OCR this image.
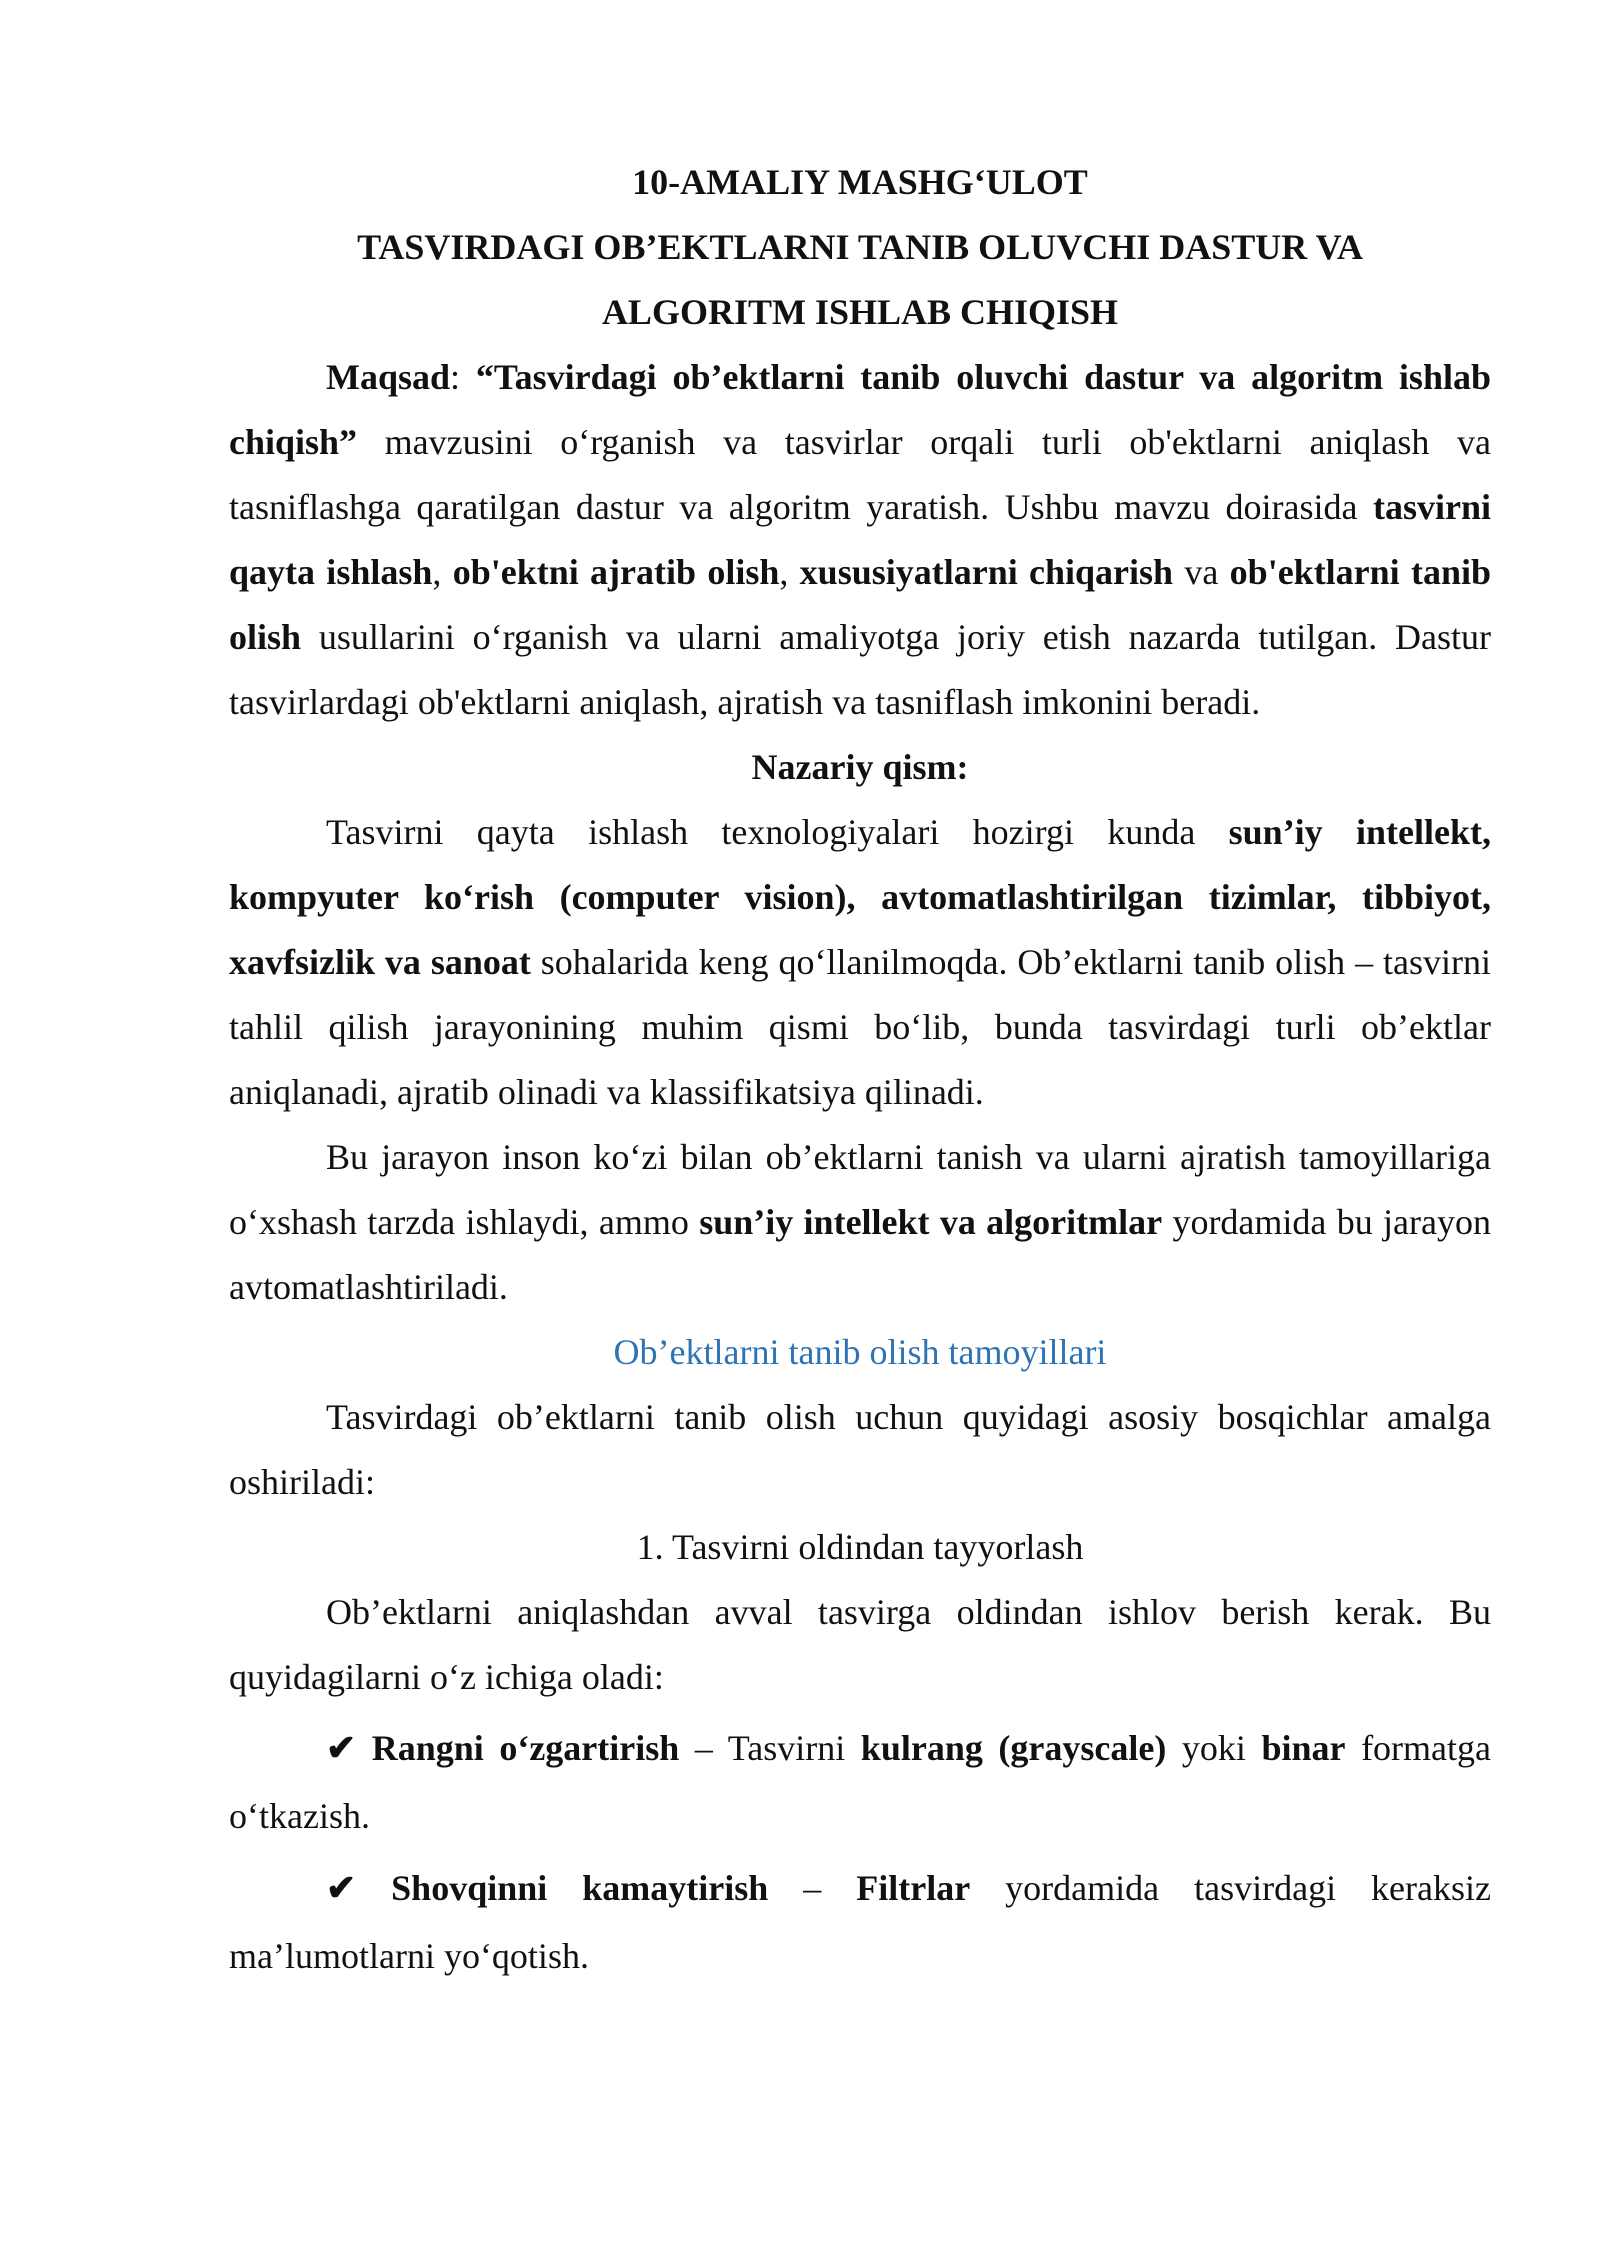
10-AMALIY MASHG‘ULOT
TASVIRDAGI OB’EKTLARNI TANIB OLUVCHI DASTUR VA
ALGORITM ISHLAB CHIQISH

Maqsad: “Tasvirdagi ob’ektlarni tanib oluvchi dastur va algoritm ishlab chiqish” mavzusini o‘rganish va tasvirlar orqali turli ob'ektlarni aniqlash va tasniflashga qaratilgan dastur va algoritm yaratish. Ushbu mavzu doirasida tasvirni qayta ishlash, ob'ektni ajratib olish, xususiyatlarni chiqarish va ob'ektlarni tanib olish usullarini o‘rganish va ularni amaliyotga joriy etish nazarda tutilgan. Dastur tasvirlardagi ob'ektlarni aniqlash, ajratish va tasniflash imkonini beradi.

Nazariy qism:

Tasvirni qayta ishlash texnologiyalari hozirgi kunda sun’iy intellekt, kompyuter ko‘rish (computer vision), avtomatlashtirilgan tizimlar, tibbiyot, xavfsizlik va sanoat sohalarida keng qo‘llanilmoqda. Ob’ektlarni tanib olish – tasvirni tahlil qilish jarayonining muhim qismi bo‘lib, bunda tasvirdagi turli ob’ektlar aniqlanadi, ajratib olinadi va klassifikatsiya qilinadi.

Bu jarayon inson ko‘zi bilan ob’ektlarni tanish va ularni ajratish tamoyillariga o‘xshash tarzda ishlaydi, ammo sun’iy intellekt va algoritmlar yordamida bu jarayon avtomatlashtiriladi.

Ob’ektlarni tanib olish tamoyillari

Tasvirdagi ob’ektlarni tanib olish uchun quyidagi asosiy bosqichlar amalga oshiriladi:

1. Tasvirni oldindan tayyorlash

Ob’ektlarni aniqlashdan avval tasvirga oldindan ishlov berish kerak. Bu quyidagilarni o‘z ichiga oladi:

✔ Rangni o‘zgartirish – Tasvirni kulrang (grayscale) yoki binar formatga o‘tkazish.

✔ Shovqinni kamaytirish – Filtrlar yordamida tasvirdagi keraksiz ma’lumotlarni yo‘qotish.
